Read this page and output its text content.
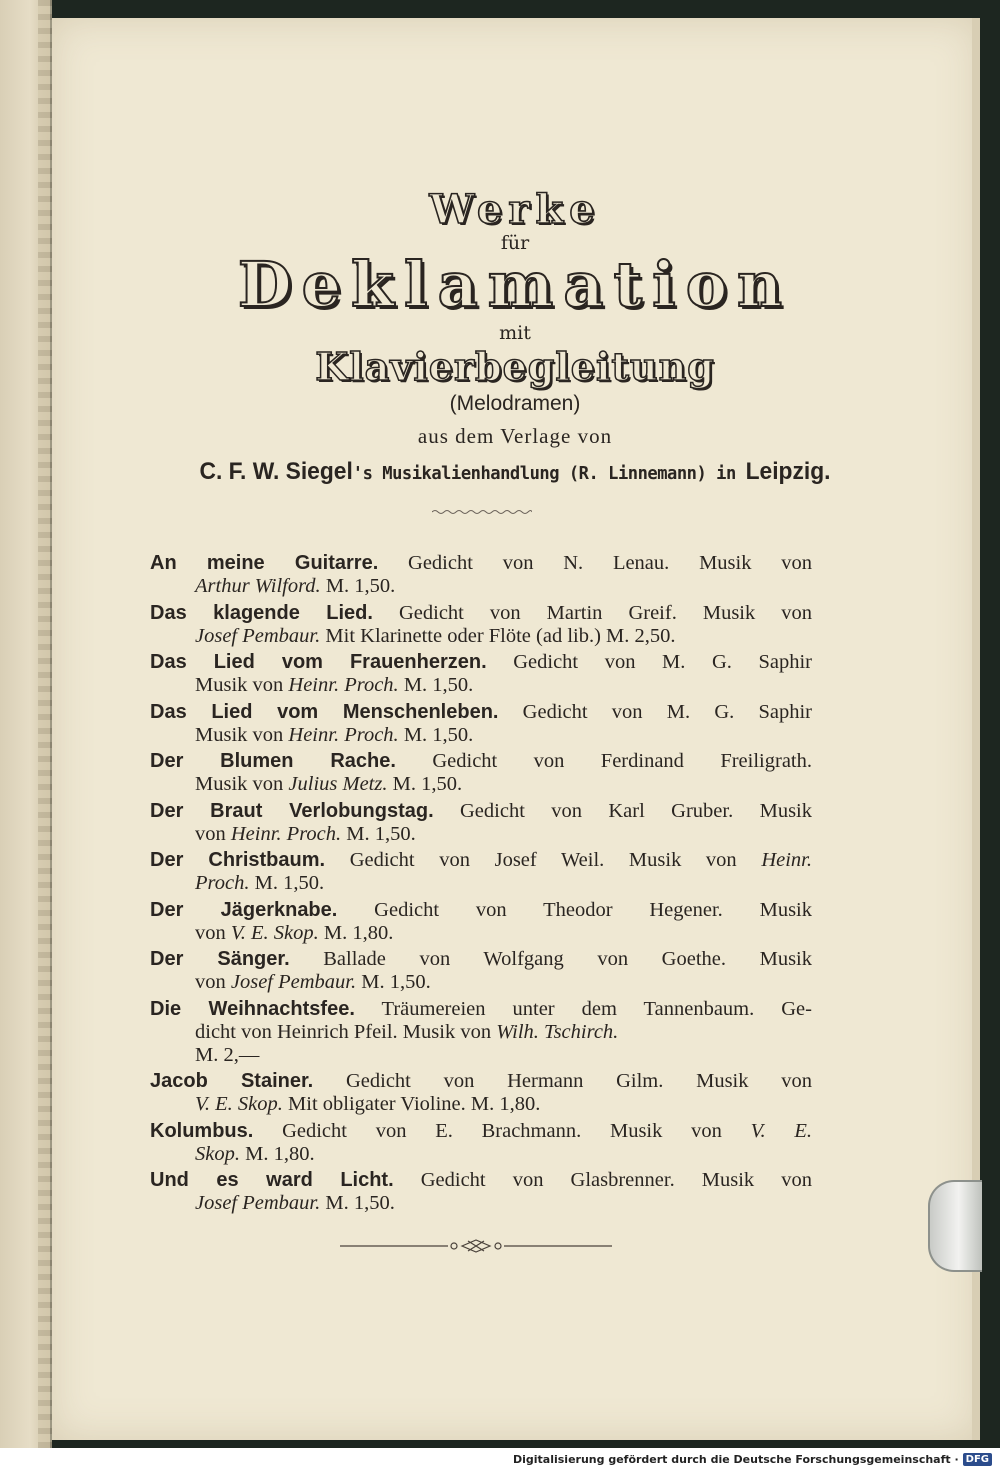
Werke
für
Deklamation
mit
Klavierbegleitung
(Melodramen)
aus dem Verlage von
C. F. W. Siegel's Musikalienhandlung (R. Linnemann) in Leipzig.
An meine Guitarre. Gedicht von N. Lenau. Musik von
Arthur Wilford. M. 1,50.
Das klagende Lied. Gedicht von Martin Greif. Musik von
Josef Pembaur. Mit Klarinette oder Flöte (ad lib.) M. 2,50.
Das Lied vom Frauenherzen. Gedicht von M. G. Saphir
Musik von Heinr. Proch. M. 1,50.
Das Lied vom Menschenleben. Gedicht von M. G. Saphir
Musik von Heinr. Proch. M. 1,50.
Der Blumen Rache. Gedicht von Ferdinand Freiligrath.
Musik von Julius Metz. M. 1,50.
Der Braut Verlobungstag. Gedicht von Karl Gruber. Musik
von Heinr. Proch. M. 1,50.
Der Christbaum. Gedicht von Josef Weil. Musik von Heinr.
Proch. M. 1,50.
Der Jägerknabe. Gedicht von Theodor Hegener. Musik
von V. E. Skop. M. 1,80.
Der Sänger. Ballade von Wolfgang von Goethe. Musik
von Josef Pembaur. M. 1,50.
Die Weihnachtsfee. Träumereien unter dem Tannenbaum. Ge-
dicht von Heinrich Pfeil. Musik von Wilh. Tschirch.
M. 2,—
Jacob Stainer. Gedicht von Hermann Gilm. Musik von
V. E. Skop. Mit obligater Violine. M. 1,80.
Kolumbus. Gedicht von E. Brachmann. Musik von V. E.
Skop. M. 1,80.
Und es ward Licht. Gedicht von Glasbrenner. Musik von
Josef Pembaur. M. 1,50.
Digitalisierung gefördert durch die Deutsche Forschungsgemeinschaft · DFG
